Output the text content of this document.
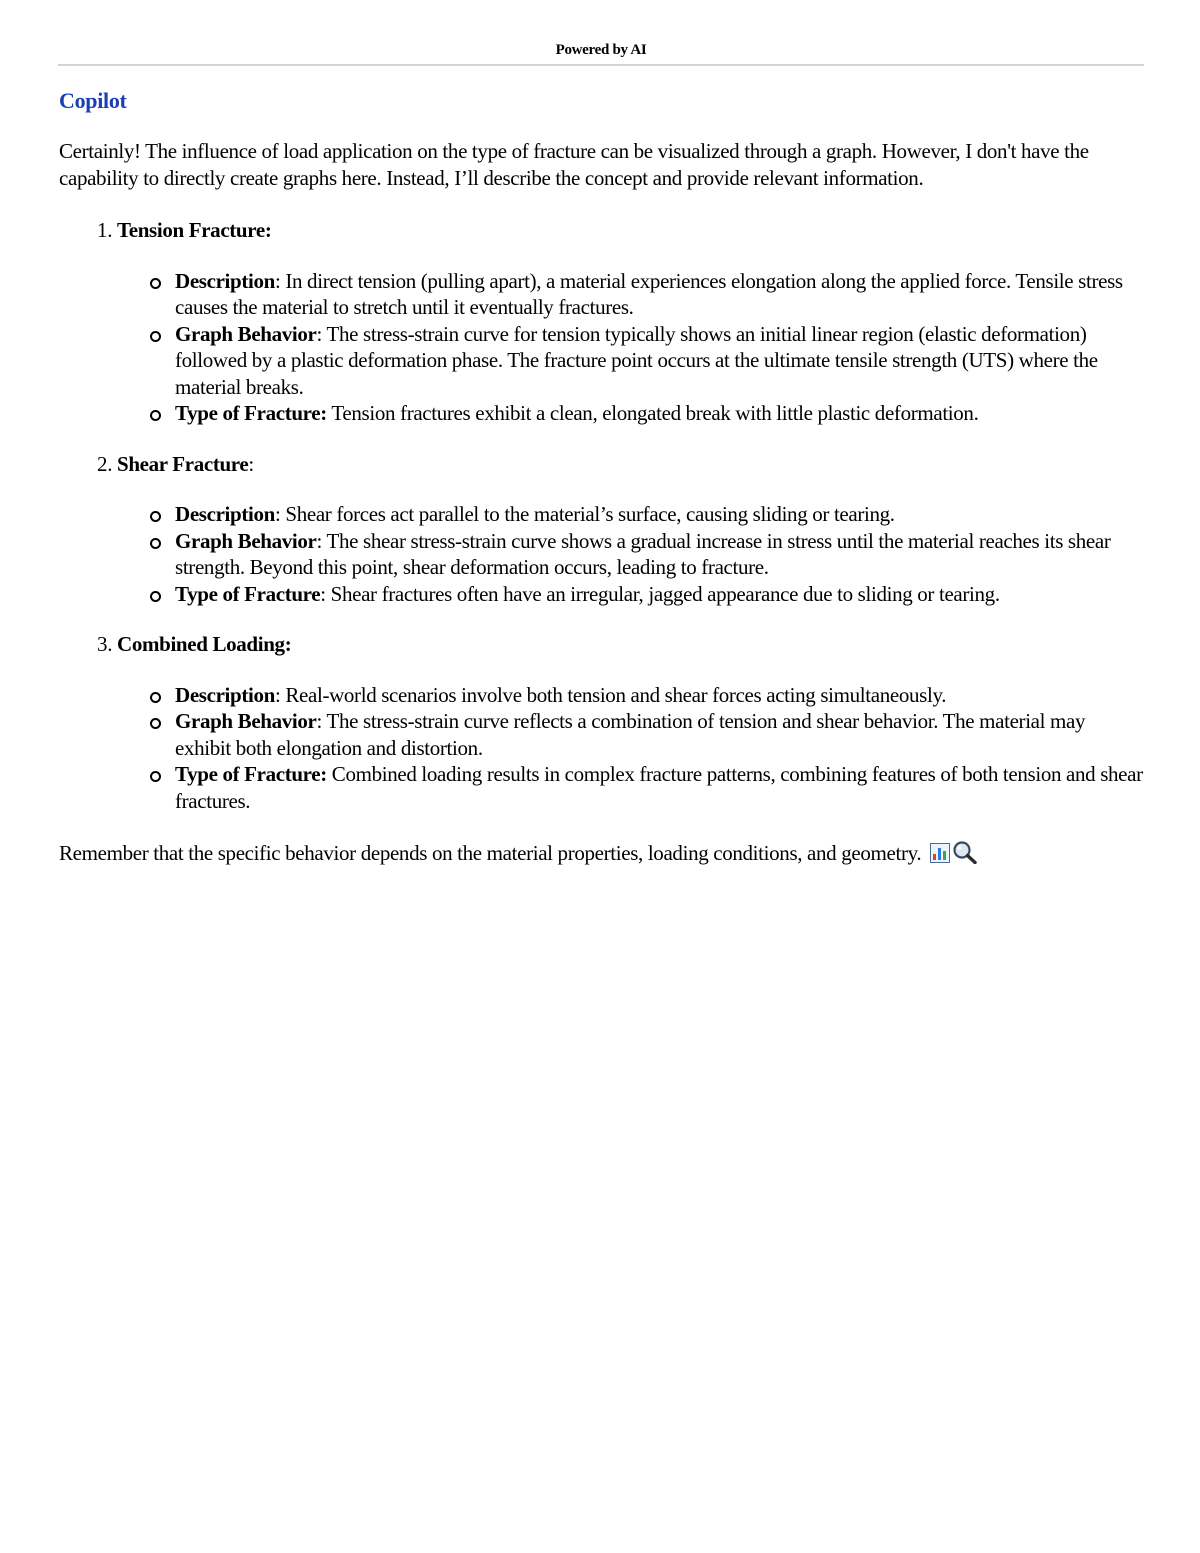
Powered by AI
Copilot

Certainly! The influence of load application on the type of fracture can be visualized through a graph. However, I don't have the capability to directly create graphs here. Instead, I’ll describe the concept and provide relevant information.

1. Tension Fracture:
Description: In direct tension (pulling apart), a material experiences elongation along the applied force. Tensile stress causes the material to stretch until it eventually fractures.
Graph Behavior: The stress-strain curve for tension typically shows an initial linear region (elastic deformation) followed by a plastic deformation phase. The fracture point occurs at the ultimate tensile strength (UTS) where the material breaks.
Type of Fracture: Tension fractures exhibit a clean, elongated break with little plastic deformation.
2. Shear Fracture:
Description: Shear forces act parallel to the material’s surface, causing sliding or tearing.
Graph Behavior: The shear stress-strain curve shows a gradual increase in stress until the material reaches its shear strength. Beyond this point, shear deformation occurs, leading to fracture.
Type of Fracture: Shear fractures often have an irregular, jagged appearance due to sliding or tearing.
3. Combined Loading:
Description: Real-world scenarios involve both tension and shear forces acting simultaneously.
Graph Behavior: The stress-strain curve reflects a combination of tension and shear behavior. The material may exhibit both elongation and distortion.
Type of Fracture: Combined loading results in complex fracture patterns, combining features of both tension and shear fractures.

Remember that the specific behavior depends on the material properties, loading conditions, and geometry.
